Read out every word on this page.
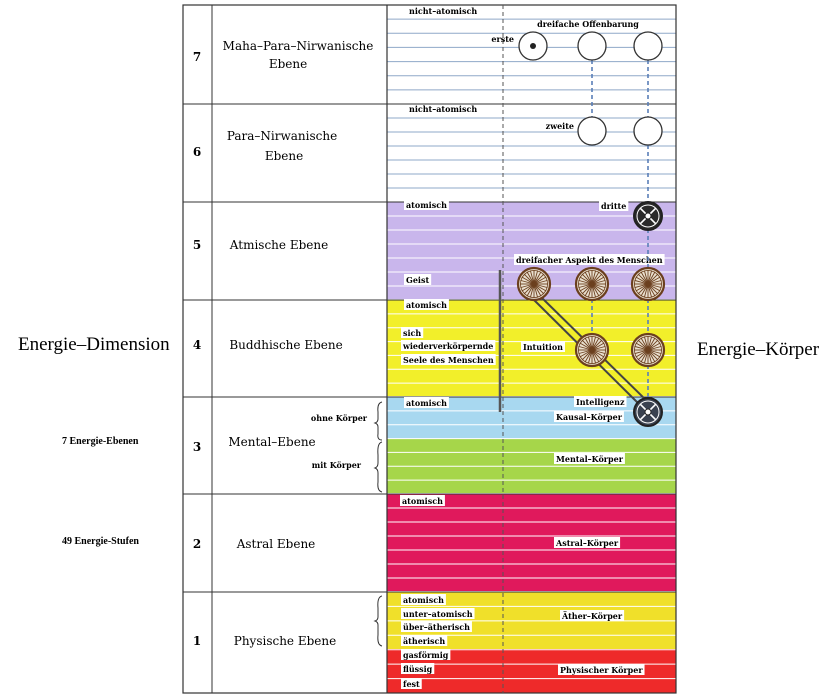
Energie–Dimension
7 Energie-Ebenen
49 Energie-Stufen
Energie–Körper
7
Maha–Para–Nirwanische
Ebene
6
Para–Nirwanische
Ebene
5 Atmische Ebene
4 Buddhische Ebene
3 Mental–Ebene
2	Astral Ebene
1	Physische Ebene
ohne Körper
mit Körper
nicht–atomisch
dreifache Offenbarung
erste
nicht–atomisch
zweite
atomisch	dritte
dreifacher Aspekt des Menschen
Geist
atomisch
sich
wiederverkörpernde
Seele des Menschen
Intuition
atomisch	Intelligenz
Kausal–Körper
Mental–Körper
atomisch
Astral–Körper
atomisch
unter–atomisch
über–ätherisch
ätherisch
gasförmig
flüssig
fest
Äther–Körper
Physischer Körper
